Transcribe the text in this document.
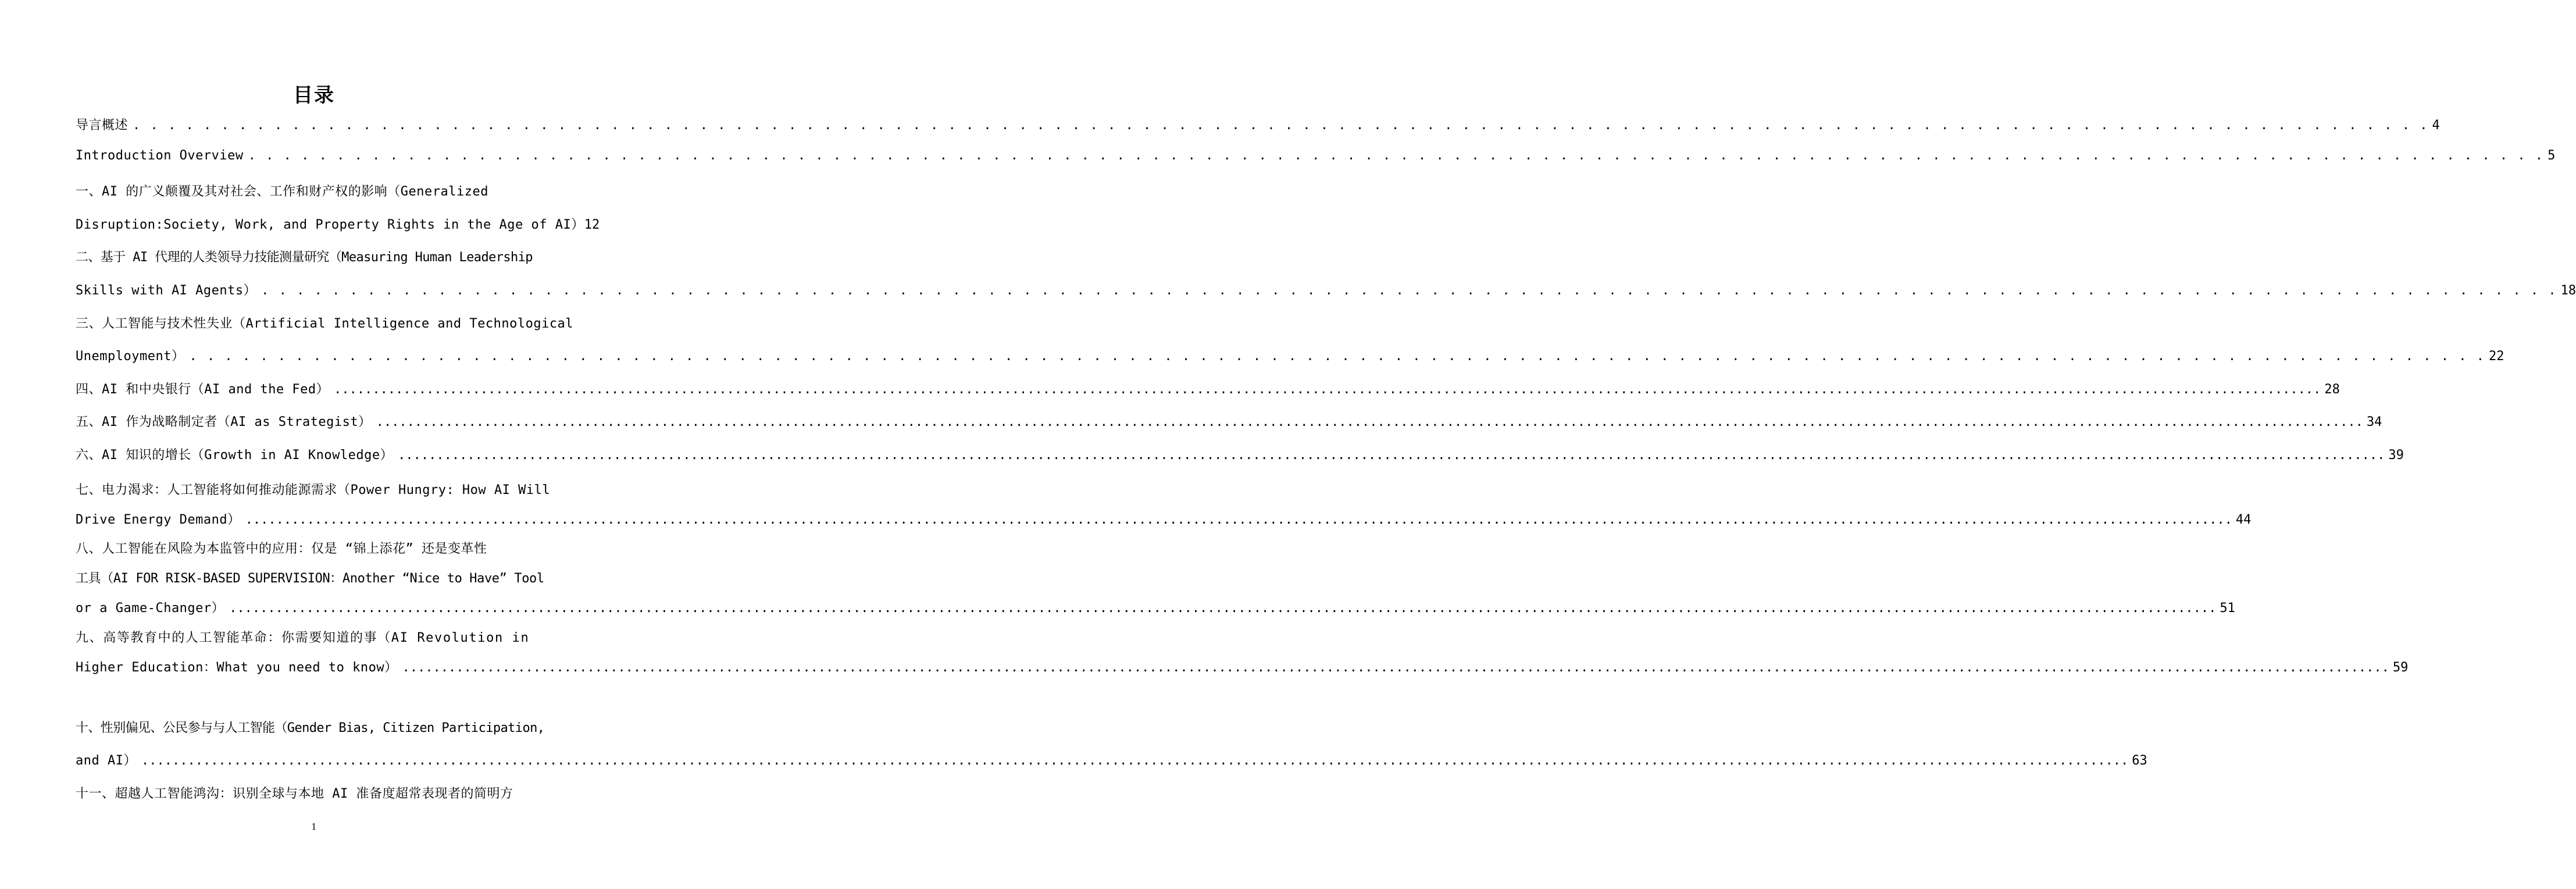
目录
导言概述 . . .	4
Introduction Overview . . .	5
一、AI 的广义颠覆及其对社会、工作和财产权的影响（Generalized
Disruption:Society, Work, and Property Rights in the Age of AI） 12
二、基于 AI 代理的人类领导力技能测量研究（Measuring Human Leadership
Skills with AI Agents） . . .	18
三、人工智能与技术性失业（Artificial Intelligence and Technological
Unemployment） . . .	22
四、AI 和中央银行（AI and the Fed） .....	28
五、AI 作为战略制定者（AI as Strategist） .....	34
六、AI 知识的增长（Growth in AI Knowledge） .....	39
七、电力渴求：人工智能将如何推动能源需求（Power Hungry: How AI Will
Drive Energy Demand） .....	44
八、人工智能在风险为本监管中的应用：仅是 “锦上添花” 还是变革性
工具（AI FOR RISK-BASED SUPERVISION：Another “Nice to Have” Tool
or a Game-Changer） .....	51
九、高等教育中的人工智能革命：你需要知道的事（AI Revolution in
Higher Education：What you need to know） .....	59
十、性别偏见、公民参与与人工智能（Gender Bias, Citizen Participation,
and AI） .....	63
十一、超越人工智能鸿沟：识别全球与本地 AI 准备度超常表现者的简明方
1
